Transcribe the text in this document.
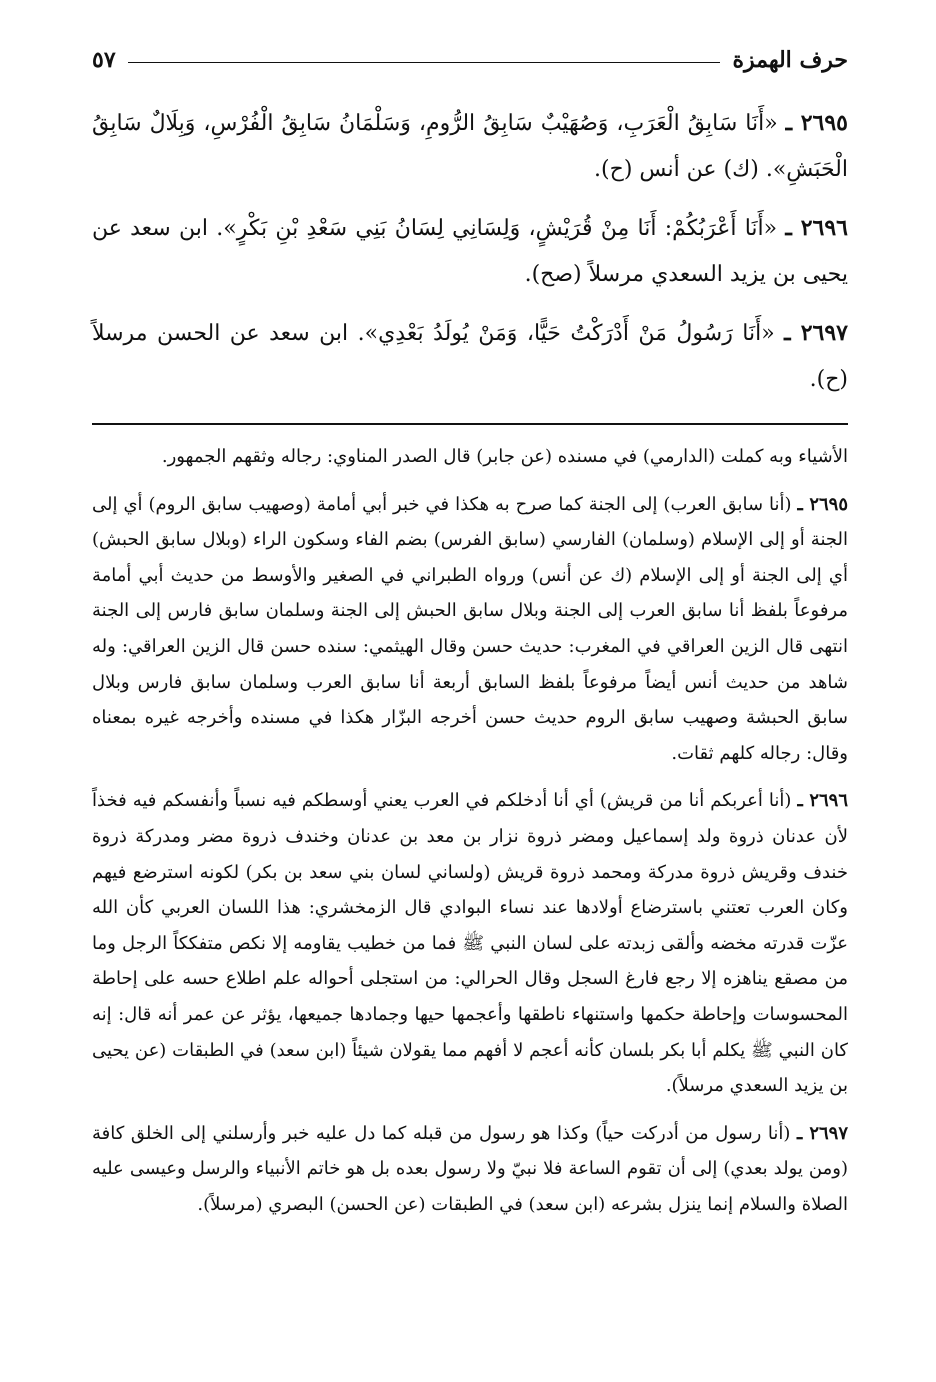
حرف الهمزة
٥٧
٢٦٩٥ ـ «أَنَا سَابِقُ الْعَرَبِ، وَصُهَيْبٌ سَابِقُ الرُّومِ، وَسَلْمَانُ سَابِقُ الْفُرْسِ، وَبِلَالٌ سَابِقُ الْحَبَشِ». (ك) عن أنس (ح).
٢٦٩٦ ـ «أَنَا أَعْرَبُكُمْ: أَنَا مِنْ قُرَيْشٍ، وَلِسَانِي لِسَانُ بَنِي سَعْدِ بْنِ بَكْرٍ». ابن سعد عن يحيى بن يزيد السعدي مرسلاً (صح).
٢٦٩٧ ـ «أَنَا رَسُولُ مَنْ أَدْرَكْتُ حَيًّا، وَمَنْ يُولَدُ بَعْدِي». ابن سعد عن الحسن مرسلاً (ح).

الأشياء وبه كملت (الدارمي) في مسنده (عن جابر) قال الصدر المناوي: رجاله وثقهم الجمهور.

٢٦٩٥ ـ (أنا سابق العرب) إلى الجنة كما صرح به هكذا في خبر أبي أمامة (وصهيب سابق الروم) أي إلى الجنة أو إلى الإسلام (وسلمان) الفارسي (سابق الفرس) بضم الفاء وسكون الراء (وبلال سابق الحبش) أي إلى الجنة أو إلى الإسلام (ك عن أنس) ورواه الطبراني في الصغير والأوسط من حديث أبي أمامة مرفوعاً بلفظ أنا سابق العرب إلى الجنة وبلال سابق الحبش إلى الجنة وسلمان سابق فارس إلى الجنة انتهى قال الزين العراقي في المغرب: حديث حسن وقال الهيثمي: سنده حسن قال الزين العراقي: وله شاهد من حديث أنس أيضاً مرفوعاً بلفظ السابق أربعة أنا سابق العرب وسلمان سابق فارس وبلال سابق الحبشة وصهيب سابق الروم حديث حسن أخرجه البزّار هكذا في مسنده وأخرجه غيره بمعناه وقال: رجاله كلهم ثقات.

٢٦٩٦ ـ (أنا أعربكم أنا من قريش) أي أنا أدخلكم في العرب يعني أوسطكم فيه نسباً وأنفسكم فيه فخذاً لأن عدنان ذروة ولد إسماعيل ومضر ذروة نزار بن معد بن عدنان وخندف ذروة مضر ومدركة ذروة خندف وقريش ذروة مدركة ومحمد ذروة قريش (ولساني لسان بني سعد بن بكر) لكونه استرضع فيهم وكان العرب تعتني باسترضاع أولادها عند نساء البوادي قال الزمخشري: هذا اللسان العربي كأن الله عزّت قدرته مخضه وألقى زبدته على لسان النبي ﷺ فما من خطيب يقاومه إلا نكص متفككاً الرجل وما من مصقع يناهزه إلا رجع فارغ السجل وقال الحرالي: من استجلى أحواله علم اطلاع حسه على إحاطة المحسوسات وإحاطة حكمها واستنهاء ناطقها وأعجمها حيها وجمادها جميعها، يؤثر عن عمر أنه قال: إنه كان النبي ﷺ يكلم أبا بكر بلسان كأنه أعجم لا أفهم مما يقولان شيئاً (ابن سعد) في الطبقات (عن يحيى بن يزيد السعدي مرسلاً).

٢٦٩٧ ـ (أنا رسول من أدركت حياً) وكذا هو رسول من قبله كما دل عليه خبر وأرسلني إلى الخلق كافة (ومن يولد بعدي) إلى أن تقوم الساعة فلا نبيّ ولا رسول بعده بل هو خاتم الأنبياء والرسل وعيسى عليه الصلاة والسلام إنما ينزل بشرعه (ابن سعد) في الطبقات (عن الحسن) البصري (مرسلاً).
